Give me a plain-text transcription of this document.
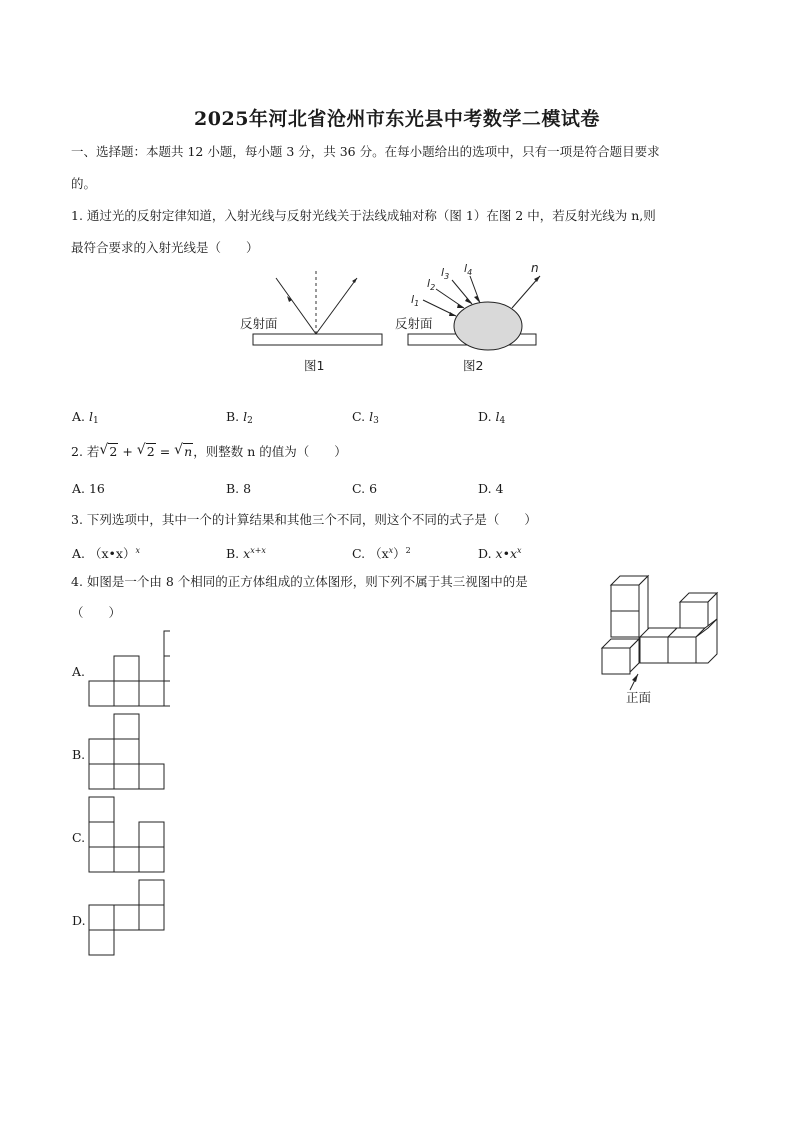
2025年河北省沧州市东光县中考数学二模试卷
一、选择题：本题共 12 小题，每小题 3 分，共 36 分。在每小题给出的选项中，只有一项是符合题目要求
的。
1. 通过光的反射定律知道，入射光线与反射光线关于法线成轴对称（图 1）在图 2 中，若反射光线为 n,则
最符合要求的入射光线是（　　）
反射面
图1
$l_1$
$l_2$
$l_3$
$l_4$	n
反射面
图2
A. $l_1$	B. $l_2$	C. $l_3$	D. $l_4$
2. 若 √ 2 + √ 2 = √ n，则整数 n 的值为（　　）
A. 16	B. 8	C. 6	D. 4
3. 下列选项中，其中一个的计算结果和其他三个不同，则这个不同的式子是（　　）
A. （x•x）$^x$	B. $x^{x+x}$	C. $(x^x)^2$	D. $x•x^x$
4. 如图是一个由 8 个相同的正方体组成的立体图形，则下列不属于其三视图中的是
（　　）
正面
A.
B.
C.
D.
